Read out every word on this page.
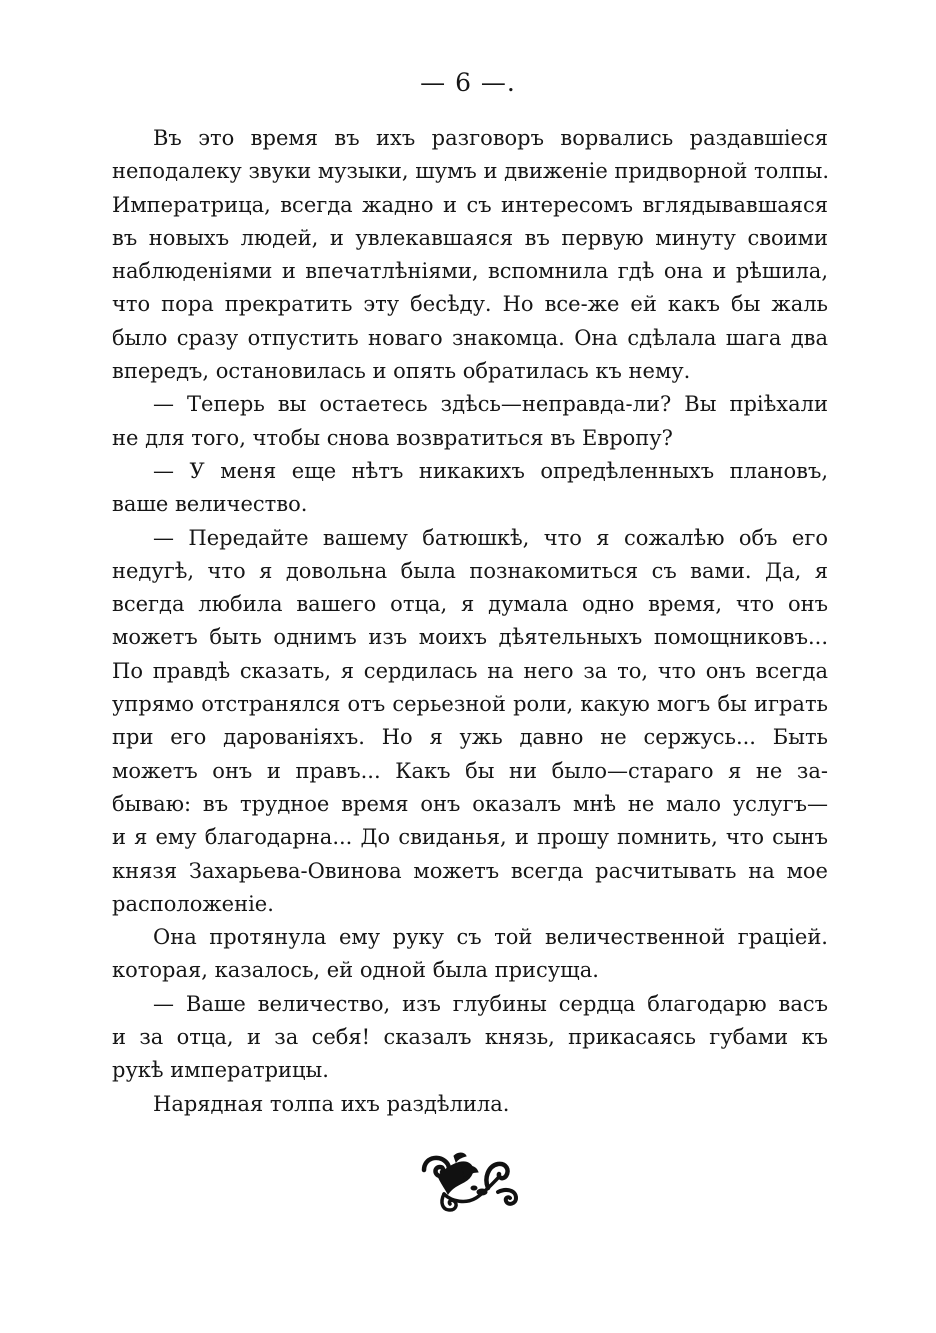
— 6 —.
Въ это время въ ихъ разговоръ ворвались раздавшіеся
неподалеку звуки музыки, шумъ и движеніе придворной толпы.
Императрица, всегда жадно и съ интересомъ вглядывавшаяся
въ новыхъ людей, и увлекавшаяся въ первую минуту своими
наблюденіями и впечатлѣніями, вспомнила гдѣ она и рѣшила,
что пора прекратить эту бесѣду. Но все-же ей какъ бы жаль
было сразу отпустить новаго знакомца. Она сдѣлала шага два
впередъ, остановилась и опять обратилась къ нему.
— Теперь вы остаетесь здѣсь—неправда-ли? Вы пріѣхали
не для того, чтобы снова возвратиться въ Европу?
— У меня еще нѣтъ никакихъ опредѣленныхъ плановъ,
ваше величество.
— Передайте вашему батюшкѣ, что я сожалѣю объ его
недугѣ, что я довольна была познакомиться съ вами. Да, я
всегда любила вашего отца, я думала одно время, что онъ
можетъ быть однимъ изъ моихъ дѣятельныхъ помощниковъ...
По правдѣ сказать, я сердилась на него за то, что онъ всегда
упрямо отстранялся отъ серьезной роли, какую могъ бы играть
при его дарованіяхъ. Но я ужь давно не сержусь... Быть
можетъ онъ и правъ... Какъ бы ни было—стараго я не за-
бываю: въ трудное время онъ оказалъ мнѣ не мало услугъ—
и я ему благодарна... До свиданья, и прошу помнить, что сынъ
князя Захарьева-Овинова можетъ всегда расчитывать на мое
расположеніе.
Она протянула ему руку съ той величественной граціей.
которая, казалось, ей одной была присуща.
— Ваше величество, изъ глубины сердца благодарю васъ
и за отца, и за себя! сказалъ князь, прикасаясь губами къ
рукѣ императрицы.
Нарядная толпа ихъ раздѣлила.
